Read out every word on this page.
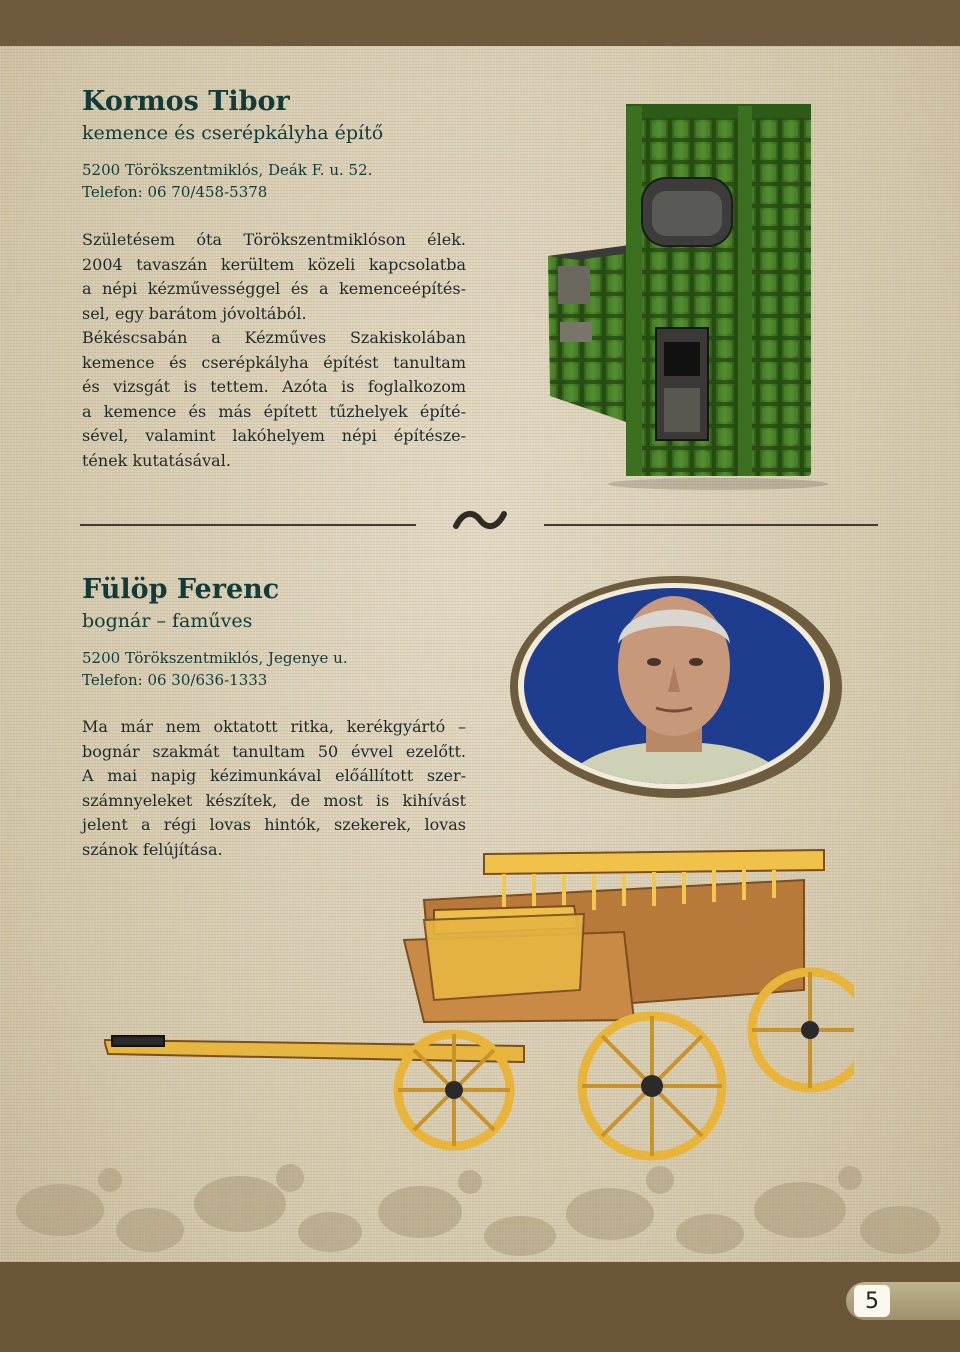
Kormos Tibor
kemence és cserépkályha építő
5200 Törökszentmiklós, Deák F. u. 52.
Telefon: 06 70/458-5378

Születésem óta Törökszentmiklóson élek.

2004 tavaszán kerültem közeli kapcsolatba

a népi kézművességgel és a kemenceépítés-

sel, egy barátom jóvoltából.

Békéscsabán a Kézműves Szakiskolában

kemence és cserépkályha építést tanultam

és vizsgát is tettem. Azóta is foglalkozom

a kemence és más épített tűzhelyek építé-

sével, valamint lakóhelyem népi építésze-

tének kutatásával.

Fülöp Ferenc
bognár – faműves
5200 Törökszentmiklós, Jegenye u.
Telefon: 06 30/636-1333

Ma már nem oktatott ritka, kerékgyártó –

bognár szakmát tanultam 50 évvel ezelőtt.

A mai napig kézimunkával előállított szer-

számnyeleket készítek, de most is kihívást

jelent a régi lovas hintók, szekerek, lovas

szánok felújítása.

5
